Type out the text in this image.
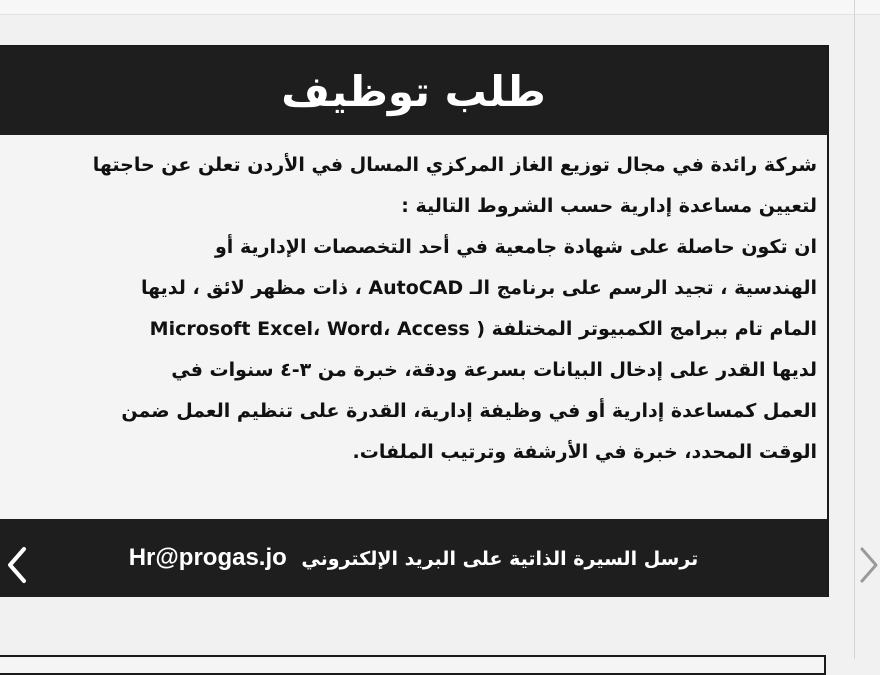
طلب توظيف
شركة رائدة في مجال توزيع الغاز المركزي المسال في الأردن تعلن عن حاجتها
لتعيين مساعدة إدارية حسب الشروط التالية :
ان تكون حاصلة على شهادة جامعية في أحد التخصصات الإدارية أو
الهندسية ، تجيد الرسم على برنامج الـ AutoCAD ، ذات مظهر لائق ، لديها
المام تام ببرامج الكمبيوتر المختلفة ( Microsoft Excel، Word، Access
لديها القدر على إدخال البيانات بسرعة ودقة، خبرة من ٣-٤ سنوات في
العمل كمساعدة إدارية أو في وظيفة إدارية، القدرة على تنظيم العمل ضمن
الوقت المحدد، خبرة في الأرشفة وترتيب الملفات.
ترسل السيرة الذاتية على البريد الإلكتروني Hr@progas.jo
